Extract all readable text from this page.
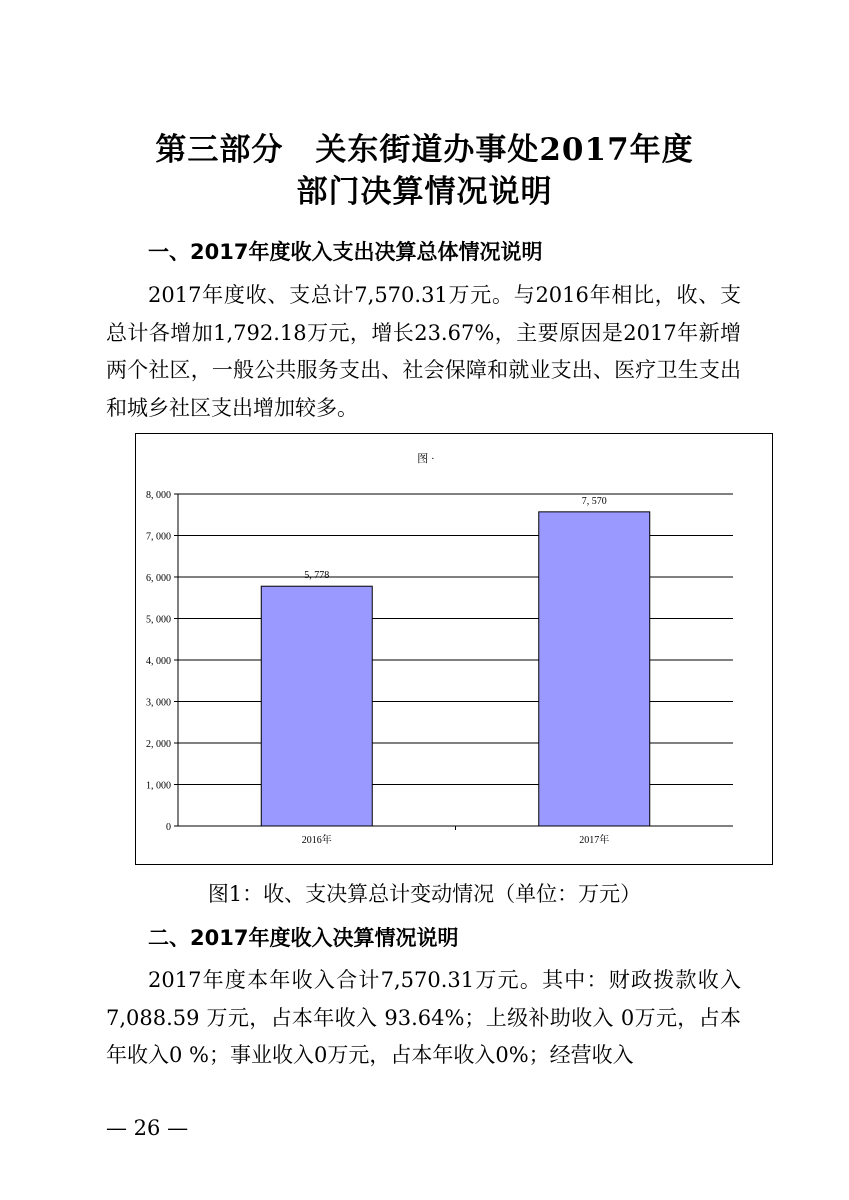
第三部分　关东街道办事处2017年度
部门决算情况说明
一、2017年度收入支出决算总体情况说明
2017年度收、支总计7,570.31万元。与2016年相比，收、支总计各增加1,792.18万元，增长23.67%，主要原因是2017年新增两个社区，一般公共服务支出、社会保障和就业支出、医疗卫生支出和城乡社区支出增加较多。
图 ·
0
1, 000
2, 000
3, 000
4, 000
5, 000
6, 000
7, 000
8, 000
5, 778
2016年
7, 570
2017年
图1：收、支决算总计变动情况（单位：万元）
二、2017年度收入决算情况说明
2017年度本年收入合计7,570.31万元。其中：财政拨款收入7,088.59 万元，占本年收入 93.64%；上级补助收入 0万元，占本年收入0 %；事业收入0万元，占本年收入0%；经营收入
— 26 —
